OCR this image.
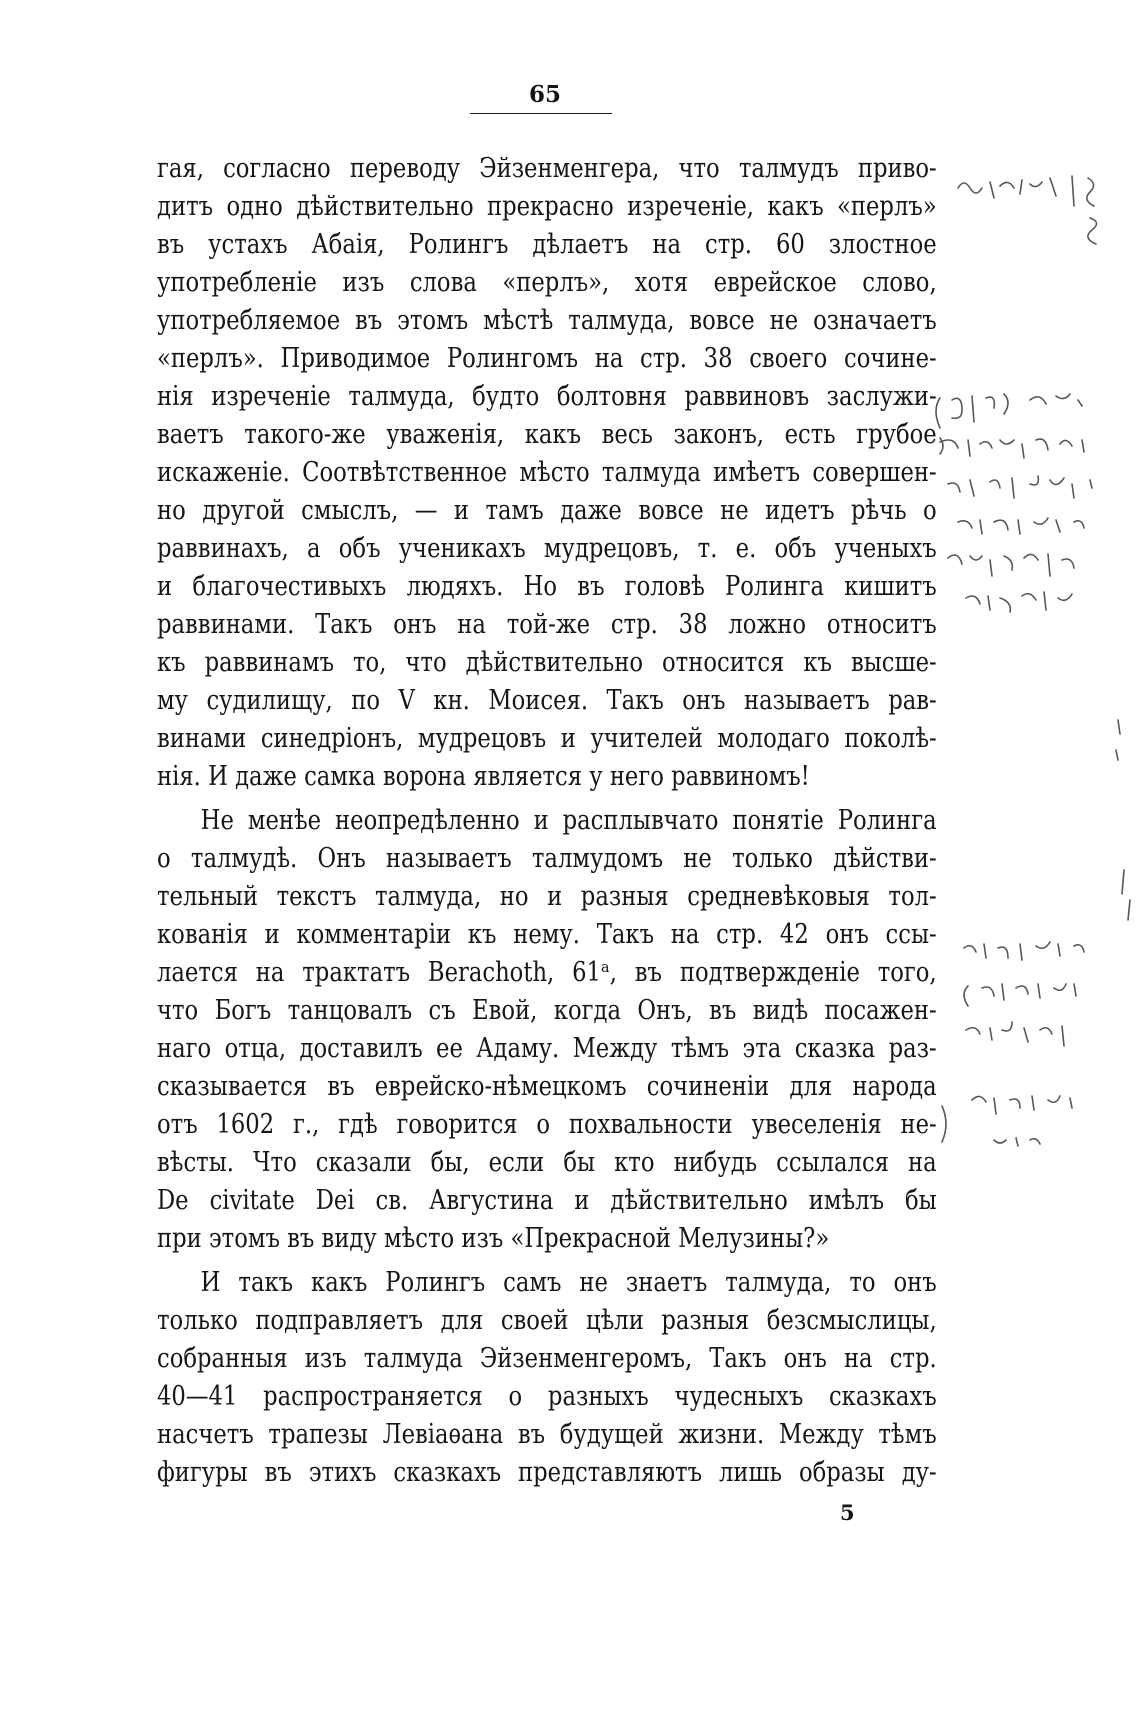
65

гая, согласно переводу Эйзенменгера, что талмудъ приво-
дитъ одно дѣйствительно прекрасно изреченіе, какъ «перлъ»
въ устахъ Абаія, Ролингъ дѣлаетъ на стр. 60 злостное
употребленіе изъ слова «перлъ», хотя еврейское слово,
употребляемое въ этомъ мѣстѣ талмуда, вовсе не означаетъ
«перлъ». Приводимое Ролингомъ на стр. 38 своего сочине-
нія изреченіе талмуда, будто болтовня раввиновъ заслужи-
ваетъ такого-же уваженія, какъ весь законъ, есть грубое
искаженіе. Соотвѣтственное мѣсто талмуда имѣетъ совершен-
но другой смыслъ, — и тамъ даже вовсе не идетъ рѣчь о
раввинахъ, а объ ученикахъ мудрецовъ, т. е. объ ученыхъ
и благочестивыхъ людяхъ. Но въ головѣ Ролинга кишитъ
раввинами. Такъ онъ на той-же стр. 38 ложно относитъ
къ раввинамъ то, что дѣйствительно относится къ высше-
му судилищу, по V кн. Моисея. Такъ онъ называетъ рав-
винами синедріонъ, мудрецовъ и учителей молодаго поколѣ-
нія. И даже самка ворона является у него раввиномъ!

Не менѣе неопредѣленно и расплывчато понятіе Ролинга
о талмудѣ. Онъ называетъ талмудомъ не только дѣйстви-
тельный текстъ талмуда, но и разныя средневѣковыя тол-
кованія и комментаріи къ нему. Такъ на стр. 42 онъ ссы-
лается на трактатъ Berachoth, 61ᵃ, въ подтвержденіе того,
что Богъ танцовалъ съ Евой, когда Онъ, въ видѣ посажен-
наго отца, доставилъ ее Адаму. Между тѣмъ эта сказка раз-
сказывается въ еврейско-нѣмецкомъ сочиненіи для народа
отъ 1602 г., гдѣ говорится о похвальности увеселенія не-
вѣсты. Что сказали бы, если бы кто нибудь ссылался на
De civitate Dei св. Августина и дѣйствительно имѣлъ бы
при этомъ въ виду мѣсто изъ «Прекрасной Мелузины?»

И такъ какъ Ролингъ самъ не знаетъ талмуда, то онъ
только подправляетъ для своей цѣли разныя безсмыслицы,
собранныя изъ талмуда Эйзенменгеромъ, Такъ онъ на стр.
40—41 распространяется о разныхъ чудесныхъ сказкахъ
насчетъ трапезы Левіаѳана въ будущей жизни. Между тѣмъ
фигуры въ этихъ сказкахъ представляютъ лишь образы ду-

5
